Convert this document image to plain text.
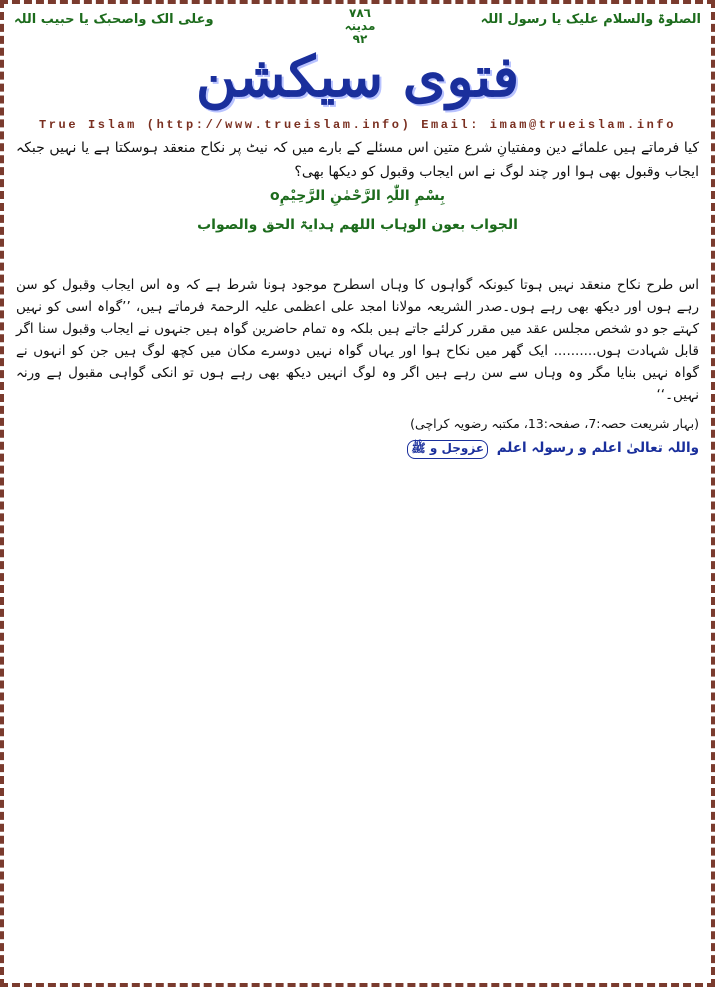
الصلوۃ والسلام علیک یا رسول اللہ
٧٨٦
مدینہ
٩٢
وعلی الک واصحبک یا حبیب اللہ
فتوی سیکشن
True Islam (http://www.trueislam.info) Email: imam@trueislam.info
کیا فرماتے ہیں علمائے دین ومفتیانِ شرع متین اس مسئلے کے بارے میں کہ نیٹ پر نکاح منعقد ہوسکتا ہے یا نہیں جبکہ ایجاب وقبول بھی ہوا اور چند لوگ نے اس ایجاب وقبول کو دیکھا بھی؟
بِسْمِ اللّٰہِ الرَّحْمٰنِ الرَّحِیْمِo
الجواب بعون الوہاب اللھم ہدایۃ الحق والصواب
اس طرح نکاح منعقد نہیں ہوتا کیونکہ گواہوں کا وہاں اسطرح موجود ہونا شرط ہے کہ وہ اس ایجاب وقبول کو سن رہے ہوں اور دیکھ بھی رہے ہوں۔صدر الشریعہ مولانا امجد علی اعظمی علیہ الرحمۃ فرماتے ہیں، ’’گواہ اسی کو نہیں کہتے جو دو شخص مجلس عقد میں مقرر کرلئے جاتے ہیں بلکہ وہ تمام حاضرین گواہ ہیں جنہوں نے ایجاب وقبول سنا اگر قابل شہادت ہوں.......... ایک گھر میں نکاح ہوا اور یہاں گواہ نہیں دوسرے مکان میں کچھ لوگ ہیں جن کو انہوں نے گواہ نہیں بنایا مگر وہ وہاں سے سن رہے ہیں اگر وہ لوگ انہیں دیکھ بھی رہے ہوں تو انکی گواہی مقبول ہے ورنہ نہیں۔‘‘
(بہار شریعت حصہ:7، صفحہ:13، مکتبہ رضویہ کراچی)
واللہ تعالیٰ اعلم و رسولہ اعلم عزوجل و ﷺ
